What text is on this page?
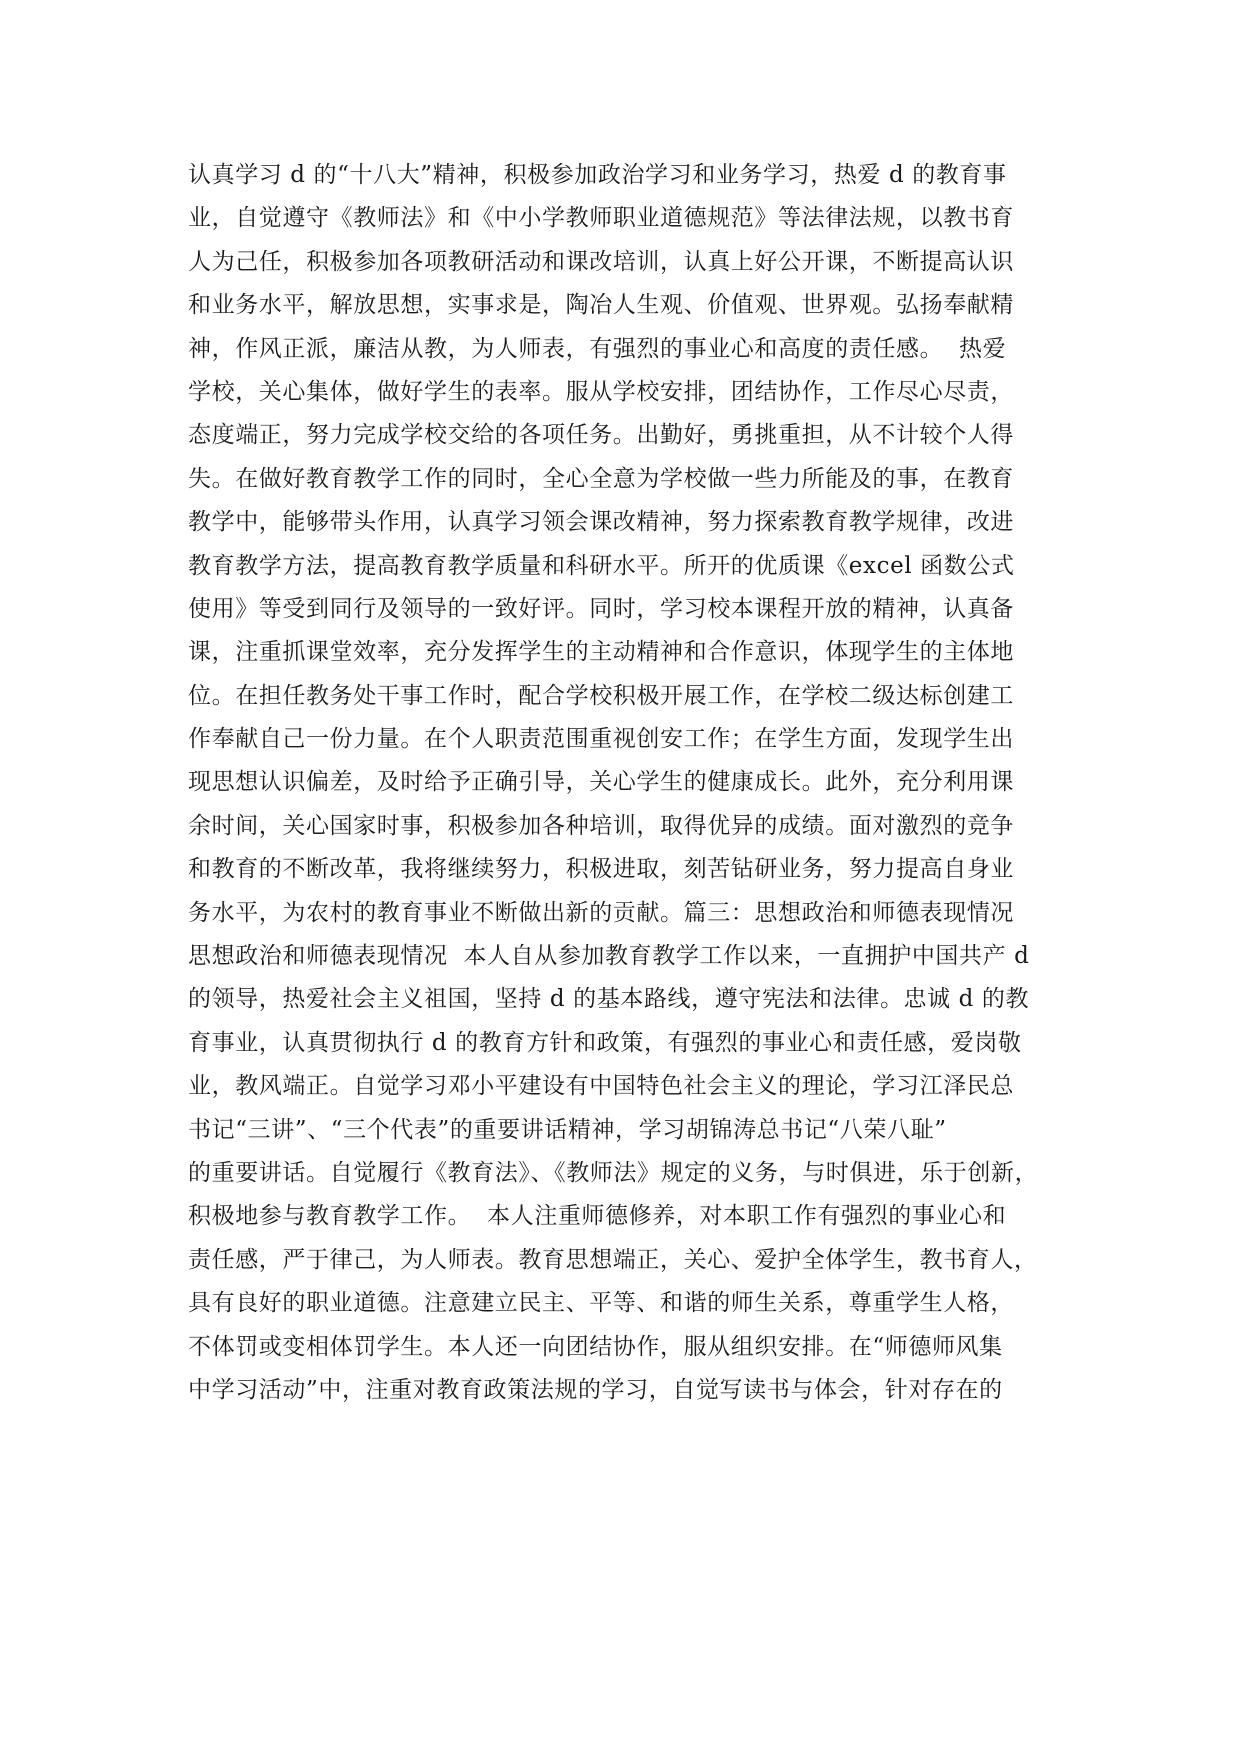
认真学习 d 的“十八大”精神，积极参加政治学习和业务学习，热爱 d 的教育事
业，自觉遵守《教师法》和《中小学教师职业道德规范》等法律法规，以教书育
人为己任，积极参加各项教研活动和课改培训，认真上好公开课，不断提高认识
和业务水平，解放思想，实事求是，陶冶人生观、价值观、世界观。弘扬奉献精
神，作风正派，廉洁从教，为人师表，有强烈的事业心和高度的责任感。  热爱
学校，关心集体，做好学生的表率。服从学校安排，团结协作，工作尽心尽责，
态度端正，努力完成学校交给的各项任务。出勤好，勇挑重担，从不计较个人得
失。在做好教育教学工作的同时，全心全意为学校做一些力所能及的事，在教育
教学中，能够带头作用，认真学习领会课改精神，努力探索教育教学规律，改进
教育教学方法，提高教育教学质量和科研水平。所开的优质课《excel 函数公式
使用》等受到同行及领导的一致好评。同时，学习校本课程开放的精神，认真备
课，注重抓课堂效率，充分发挥学生的主动精神和合作意识，体现学生的主体地
位。在担任教务处干事工作时，配合学校积极开展工作，在学校二级达标创建工
作奉献自己一份力量。在个人职责范围重视创安工作；在学生方面，发现学生出
现思想认识偏差，及时给予正确引导，关心学生的健康成长。此外，充分利用课
余时间，关心国家时事，积极参加各种培训，取得优异的成绩。面对激烈的竞争
和教育的不断改革，我将继续努力，积极进取，刻苦钻研业务，努力提高自身业
务水平，为农村的教育事业不断做出新的贡献。篇三：思想政治和师德表现情况
思想政治和师德表现情况  本人自从参加教育教学工作以来，一直拥护中国共产 d
的领导，热爱社会主义祖国，坚持 d 的基本路线，遵守宪法和法律。忠诚 d 的教
育事业，认真贯彻执行 d 的教育方针和政策，有强烈的事业心和责任感，爱岗敬
业，教风端正。自觉学习邓小平建设有中国特色社会主义的理论，学习江泽民总
书记“三讲”、“三个代表”的重要讲话精神，学习胡锦涛总书记“八荣八耻”
的重要讲话。自觉履行《教育法》、《教师法》规定的义务，与时俱进，乐于创新，
积极地参与教育教学工作。  本人注重师德修养，对本职工作有强烈的事业心和
责任感，严于律己，为人师表。教育思想端正，关心、爱护全体学生，教书育人，
具有良好的职业道德。注意建立民主、平等、和谐的师生关系，尊重学生人格，
不体罚或变相体罚学生。本人还一向团结协作，服从组织安排。在“师德师风集
中学习活动”中，注重对教育政策法规的学习，自觉写读书与体会，针对存在的
